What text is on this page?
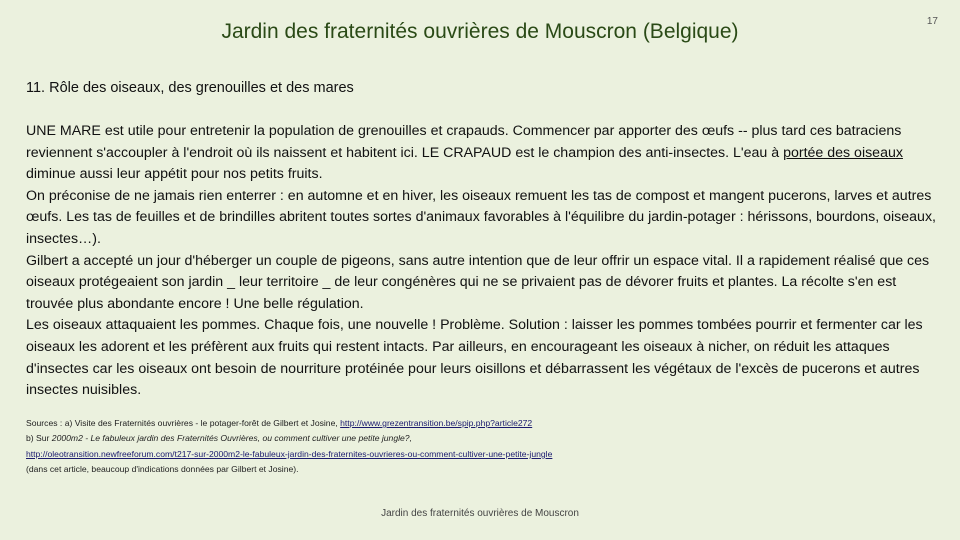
Jardin des fraternités ouvrières de Mouscron (Belgique)	17
11. Rôle des oiseaux, des grenouilles et des mares

UNE MARE est utile pour entretenir la population de grenouilles et crapauds. Commencer par apporter des œufs -- plus tard ces batraciens reviennent s'accoupler à l'endroit où ils naissent et habitent ici. LE CRAPAUD est le champion des anti-insectes. L'eau à portée des oiseaux diminue aussi leur appétit pour nos petits fruits.

On préconise de ne jamais rien enterrer : en automne et en hiver, les oiseaux remuent les tas de compost et mangent pucerons, larves et autres œufs. Les tas de feuilles et de brindilles abritent toutes sortes d'animaux favorables à l'équilibre du jardin-potager : hérissons, bourdons, oiseaux, insectes…).

Gilbert a accepté un jour d'héberger un couple de pigeons, sans autre intention que de leur offrir un espace vital. Il a rapidement réalisé que ces oiseaux protégeaient son jardin _ leur territoire _ de leur congénères qui ne se privaient pas de dévorer fruits et plantes. La récolte s'en est trouvée plus abondante encore ! Une belle régulation.

Les oiseaux attaquaient les pommes. Chaque fois, une nouvelle ! Problème. Solution : laisser les pommes tombées pourrir et fermenter car les oiseaux les adorent et les préfèrent aux fruits qui restent intacts. Par ailleurs, en encourageant les oiseaux à nicher, on réduit les attaques d'insectes car les oiseaux ont besoin de nourriture protéinée pour leurs oisillons et débarrassent les végétaux de l'excès de pucerons et autres insectes nuisibles.

Sources : a) Visite des Fraternités ouvrières - le potager-forêt de Gilbert et Josine, http://www.grezentransition.be/spip.php?article272
b) Sur 2000m2 - Le fabuleux jardin des Fraternités Ouvrières, ou comment cultiver une petite jungle?,
http://oleotransition.newfreeforum.com/t217-sur-2000m2-le-fabuleux-jardin-des-fraternites-ouvrieres-ou-comment-cultiver-une-petite-jungle
(dans cet article, beaucoup d'indications données par Gilbert et Josine).
Jardin des fraternités ouvrières de Mouscron
